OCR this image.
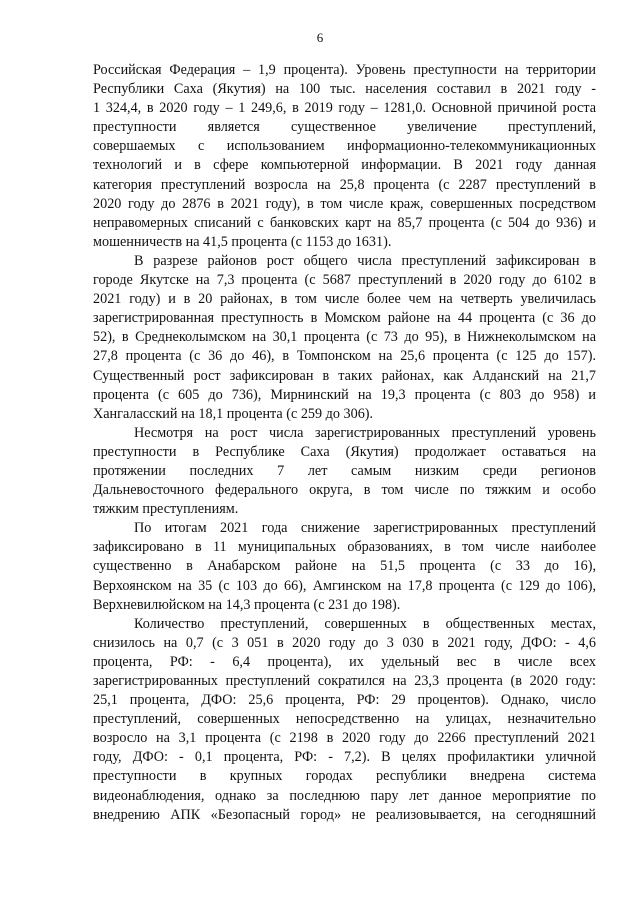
6
Российская Федерация – 1,9 процента). Уровень преступности на территории
Республики Саха (Якутия) на 100 тыс. населения составил в 2021 году -
1 324,4, в 2020 году – 1 249,6, в 2019 году – 1281,0. Основной причиной роста
преступности является существенное увеличение преступлений,
совершаемых с использованием информационно-телекоммуникационных
технологий и в сфере компьютерной информации. В 2021 году данная
категория преступлений возросла на 25,8 процента (с 2287 преступлений в
2020 году до 2876 в 2021 году), в том числе краж, совершенных посредством
неправомерных списаний с банковских карт на 85,7 процента (с 504 до 936) и
мошенничеств на 41,5 процента (с 1153 до 1631).
В разрезе районов рост общего числа преступлений зафиксирован в
городе Якутске на 7,3 процента (с 5687 преступлений в 2020 году до 6102 в
2021 году) и в 20 районах, в том числе более чем на четверть увеличилась
зарегистрированная преступность в Момском районе на 44 процента (с 36 до
52), в Среднеколымском на 30,1 процента (с 73 до 95), в Нижнеколымском на
27,8 процента (с 36 до 46), в Томпонском на 25,6 процента (с 125 до 157).
Существенный рост зафиксирован в таких районах, как Алданский на 21,7
процента (с 605 до 736), Мирнинский на 19,3 процента (с 803 до 958) и
Хангаласский на 18,1 процента (с 259 до 306).
Несмотря на рост числа зарегистрированных преступлений уровень
преступности в Республике Саха (Якутия) продолжает оставаться на
протяжении последних 7 лет самым низким среди регионов
Дальневосточного федерального округа, в том числе по тяжким и особо
тяжким преступлениям.
По итогам 2021 года снижение зарегистрированных преступлений
зафиксировано в 11 муниципальных образованиях, в том числе наиболее
существенно в Анабарском районе на 51,5 процента (с 33 до 16),
Верхоянском на 35 (с 103 до 66), Амгинском на 17,8 процента (с 129 до 106),
Верхневилюйском на 14,3 процента (с 231 до 198).
Количество преступлений, совершенных в общественных местах,
снизилось на 0,7 (с 3 051 в 2020 году до 3 030 в 2021 году, ДФО: - 4,6
процента, РФ: - 6,4 процента), их удельный вес в числе всех
зарегистрированных преступлений сократился на 23,3 процента (в 2020 году:
25,1 процента, ДФО: 25,6 процента, РФ: 29 процентов). Однако, число
преступлений, совершенных непосредственно на улицах, незначительно
возросло на 3,1 процента (с 2198 в 2020 году до 2266 преступлений 2021
году, ДФО: - 0,1 процента, РФ: - 7,2). В целях профилактики уличной
преступности в крупных городах республики внедрена система
видеонаблюдения, однако за последнюю пару лет данное мероприятие по
внедрению АПК «Безопасный город» не реализовывается, на сегодняшний
